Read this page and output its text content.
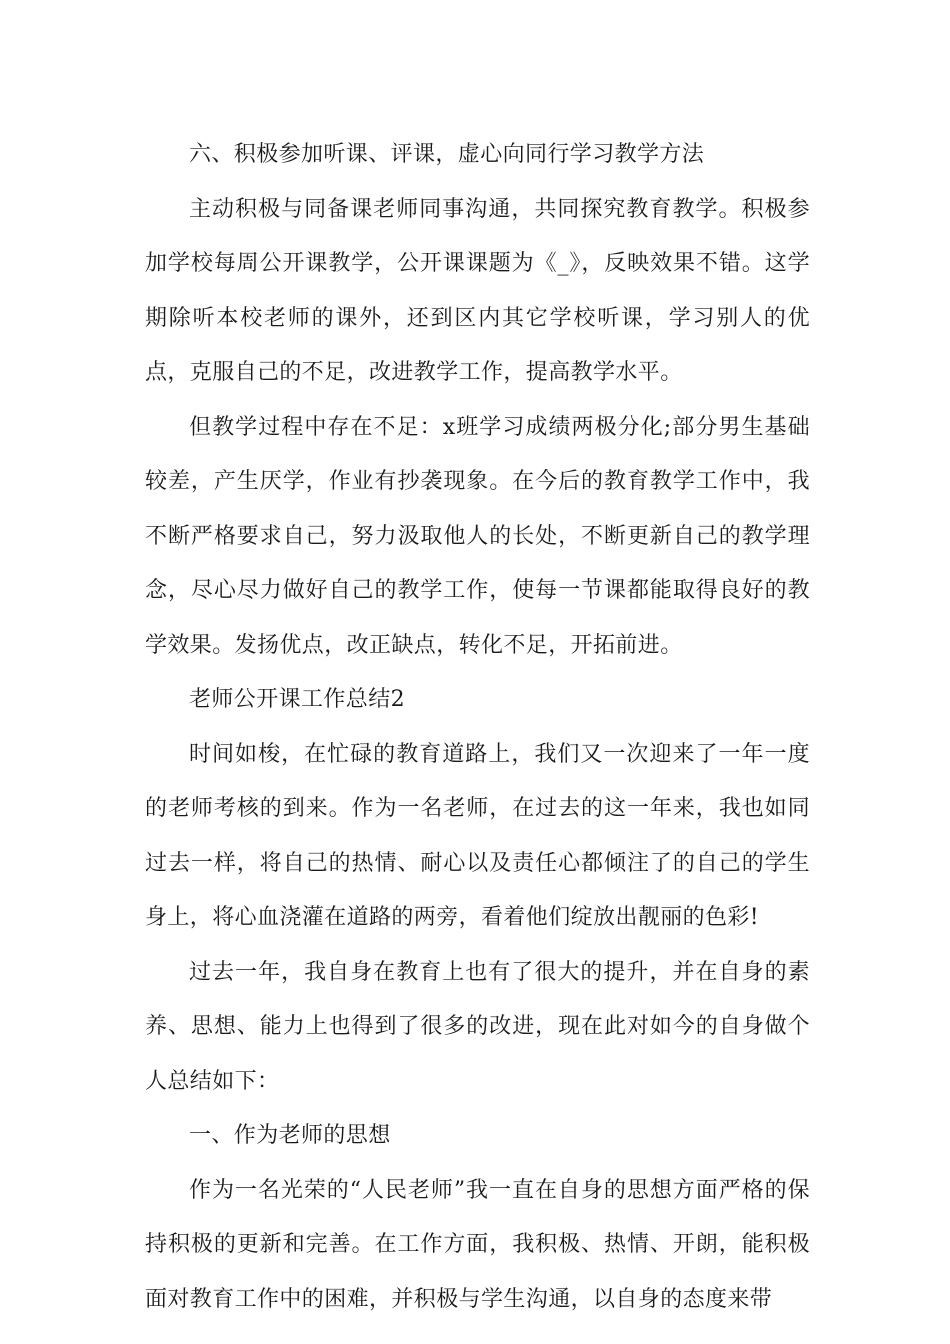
六、积极参加听课、评课，虚心向同行学习教学方法

主动积极与同备课老师同事沟通，共同探究教育教学。积极参加学校每周公开课教学，公开课课题为《_》，反映效果不错。这学期除听本校老师的课外，还到区内其它学校听课，学习别人的优点，克服自己的不足，改进教学工作，提高教学水平。

但教学过程中存在不足：x班学习成绩两极分化;部分男生基础较差，产生厌学，作业有抄袭现象。在今后的教育教学工作中，我不断严格要求自己，努力汲取他人的长处，不断更新自己的教学理念，尽心尽力做好自己的教学工作，使每一节课都能取得良好的教学效果。发扬优点，改正缺点，转化不足，开拓前进。

老师公开课工作总结2

时间如梭，在忙碌的教育道路上，我们又一次迎来了一年一度的老师考核的到来。作为一名老师，在过去的这一年来，我也如同过去一样，将自己的热情、耐心以及责任心都倾注了的自己的学生身上，将心血浇灌在道路的两旁，看着他们绽放出靓丽的色彩!

过去一年，我自身在教育上也有了很大的提升，并在自身的素养、思想、能力上也得到了很多的改进，现在此对如今的自身做个人总结如下：

一、作为老师的思想

作为一名光荣的“人民老师”我一直在自身的思想方面严格的保持积极的更新和完善。在工作方面，我积极、热情、开朗，能积极面对教育工作中的困难，并积极与学生沟通，以自身的态度来带
